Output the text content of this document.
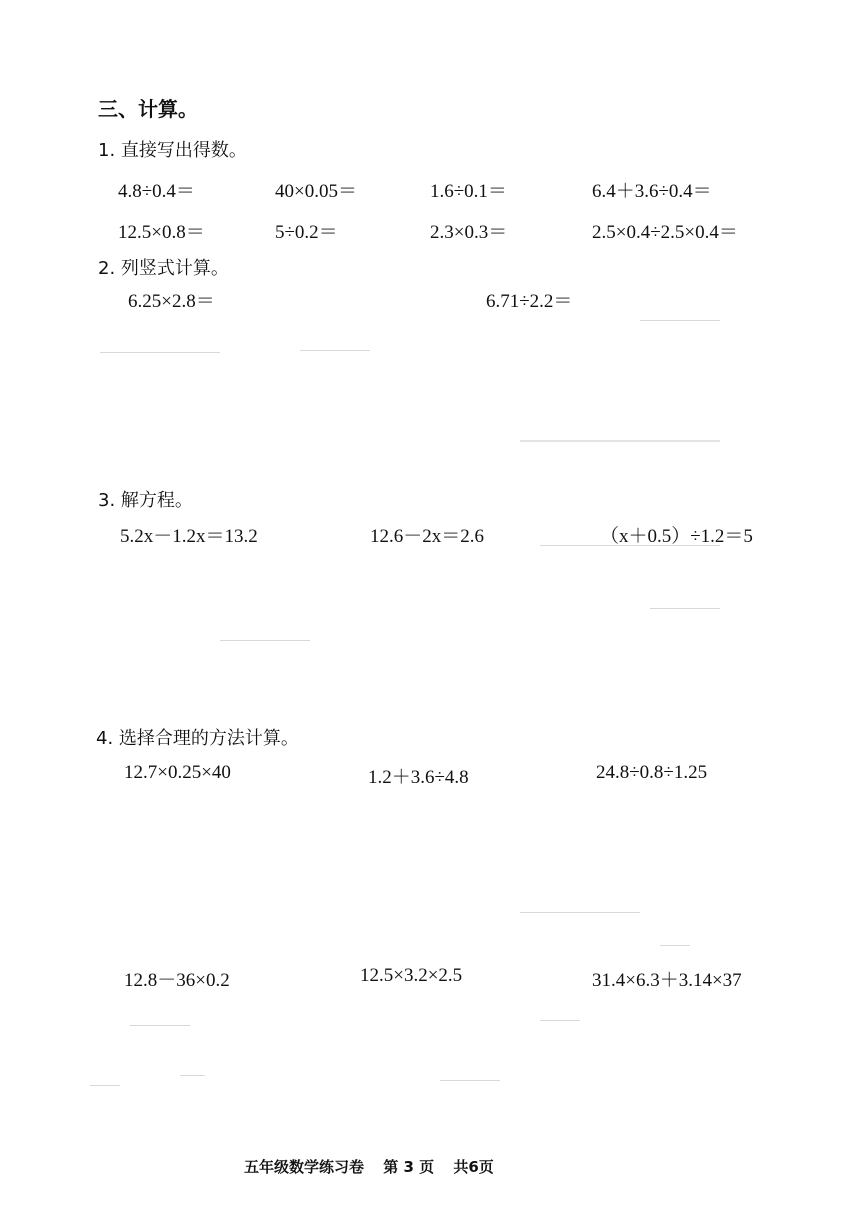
三、计算。
1. 直接写出得数。
4.8÷0.4＝	40×0.05＝	1.6÷0.1＝	6.4＋3.6÷0.4＝
12.5×0.8＝	5÷0.2＝	2.3×0.3＝	2.5×0.4÷2.5×0.4＝
2. 列竖式计算。
6.25×2.8＝	6.71÷2.2＝
3. 解方程。
5.2x－1.2x＝13.2	12.6－2x＝2.6	（x＋0.5）÷1.2＝5
4. 选择合理的方法计算。
12.7×0.25×40	1.2＋3.6÷4.8	24.8÷0.8÷1.25
12.8－36×0.2	12.5×3.2×2.5	31.4×6.3＋3.14×37
五年级数学练习卷 第 3 页 共6页
